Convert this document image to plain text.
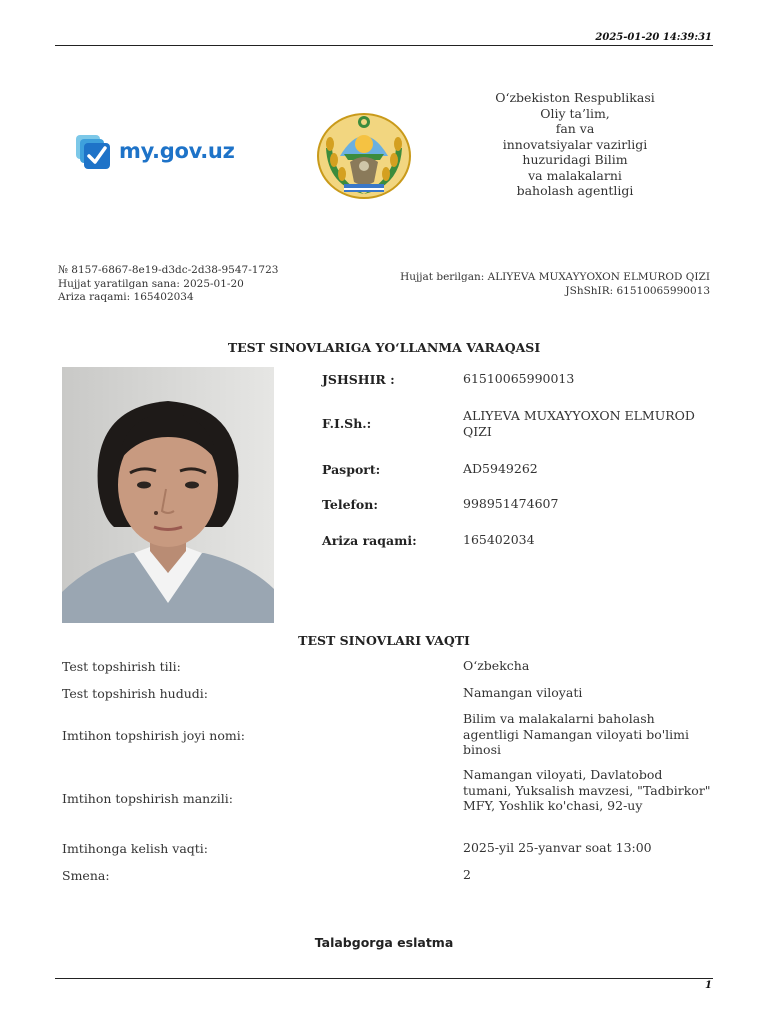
2025-01-20 14:39:31
my.gov.uz
O‘zbekiston Respublikasi
Oliy ta’lim,
fan va
innovatsiyalar vazirligi
huzuridagi Bilim
va malakalarni
baholash agentligi
№ 8157-6867-8e19-d3dc-2d38-9547-1723
Hujjat yaratilgan sana: 2025-01-20
Ariza raqami: 165402034
Hujjat berilgan: ALIYEVA MUXAYYOXON ELMUROD QIZI
JShShIR: 61510065990013
TEST SINOVLARIGA YO‘LLANMA VARAQASI
JSHSHIR :	61510065990013
F.I.Sh.:
ALIYEVA MUXAYYOXON ELMUROD
QIZI
Pasport:	AD5949262
Telefon:	998951474607
Ariza raqami:	165402034
TEST SINOVLARI VAQTI
Test topshirish tili:	O‘zbekcha
Test topshirish hududi:	Namangan viloyati
Imtihon topshirish joyi nomi:
Bilim va malakalarni baholash agentligi Namangan viloyati bo'limi binosi
Imtihon topshirish manzili:
Namangan viloyati, Davlatobod tumani, Yuksalish mavzesi, "Tadbirkor" MFY, Yoshlik ko'chasi, 92-uy
Imtihonga kelish vaqti:	2025-yil 25-yanvar soat 13:00
Smena:	2
Talabgorga eslatma
1
